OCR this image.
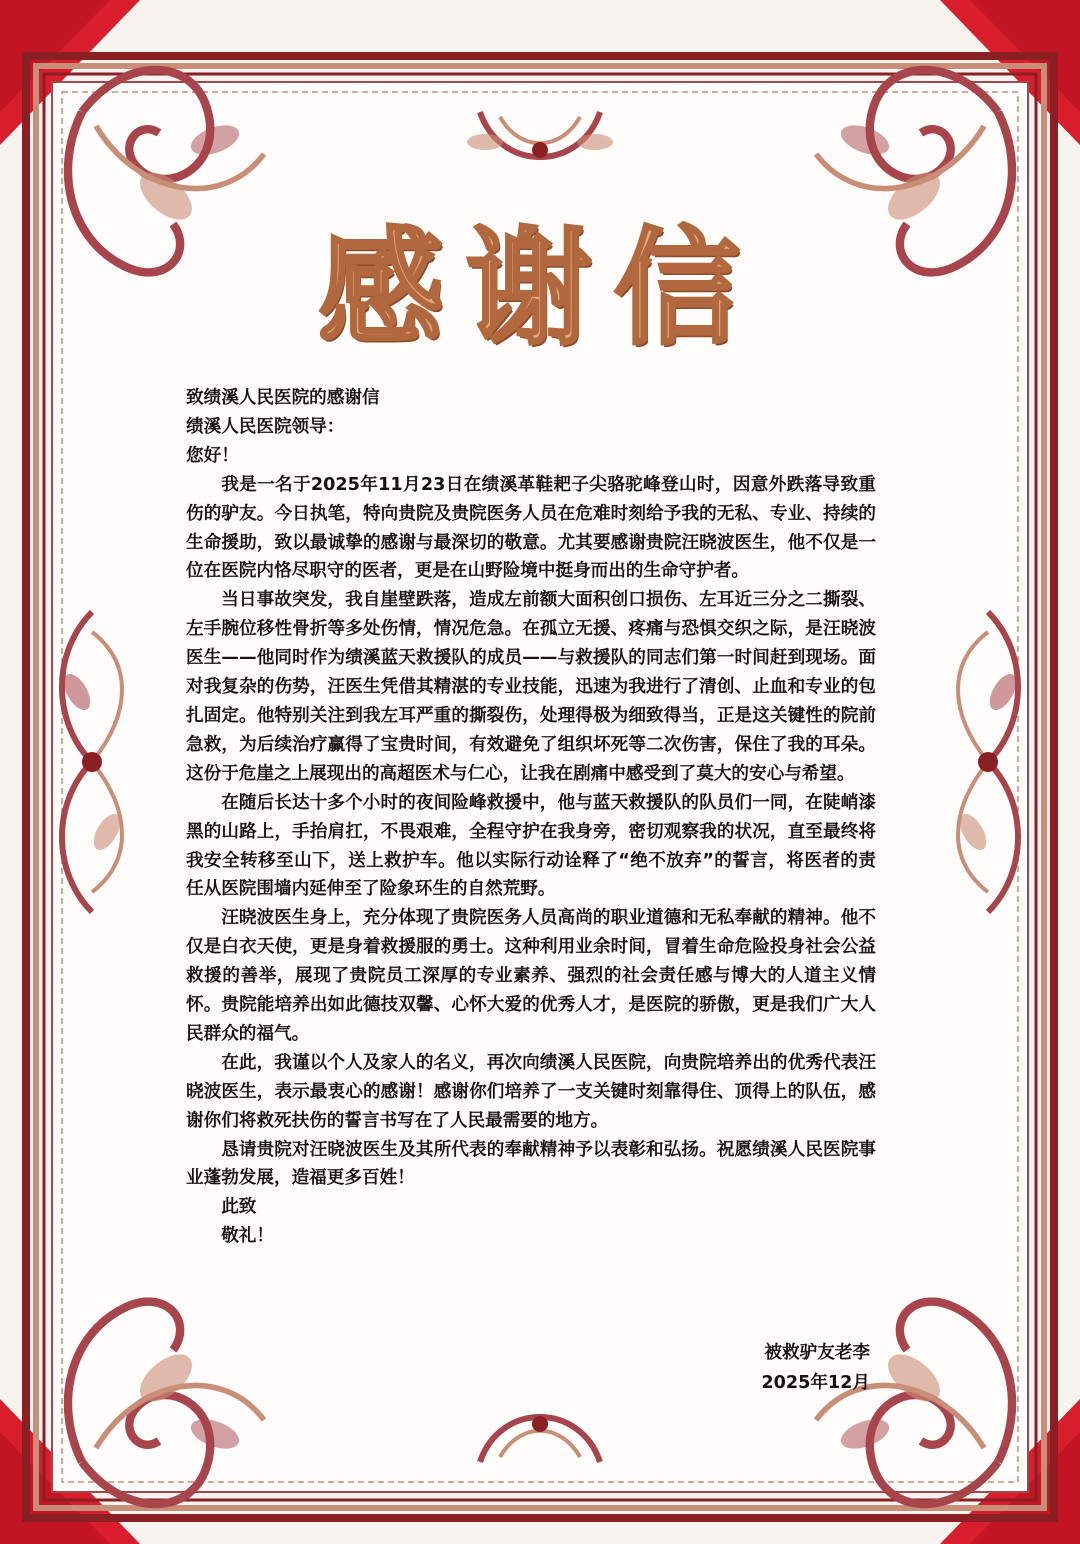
感谢信

致绩溪人民医院的感谢信

绩溪人民医院领导：

您好！

我是一名于2025年11月23日在绩溪革鞋耙子尖骆驼峰登山时，因意外跌落导致重伤的驴友。今日执笔，特向贵院及贵院医务人员在危难时刻给予我的无私、专业、持续的生命援助，致以最诚挚的感谢与最深切的敬意。尤其要感谢贵院汪晓波医生，他不仅是一位在医院内恪尽职守的医者，更是在山野险境中挺身而出的生命守护者。

当日事故突发，我自崖壁跌落，造成左前额大面积创口损伤、左耳近三分之二撕裂、左手腕位移性骨折等多处伤情，情况危急。在孤立无援、疼痛与恐惧交织之际，是汪晓波医生——他同时作为绩溪蓝天救援队的成员——与救援队的同志们第一时间赶到现场。面对我复杂的伤势，汪医生凭借其精湛的专业技能，迅速为我进行了清创、止血和专业的包扎固定。他特别关注到我左耳严重的撕裂伤，处理得极为细致得当，正是这关键性的院前急救，为后续治疗赢得了宝贵时间，有效避免了组织坏死等二次伤害，保住了我的耳朵。这份于危崖之上展现出的高超医术与仁心，让我在剧痛中感受到了莫大的安心与希望。

在随后长达十多个小时的夜间险峰救援中，他与蓝天救援队的队员们一同，在陡峭漆黑的山路上，手抬肩扛，不畏艰难，全程守护在我身旁，密切观察我的状况，直至最终将我安全转移至山下，送上救护车。他以实际行动诠释了“绝不放弃”的誓言，将医者的责任从医院围墙内延伸至了险象环生的自然荒野。

汪晓波医生身上，充分体现了贵院医务人员高尚的职业道德和无私奉献的精神。他不仅是白衣天使，更是身着救援服的勇士。这种利用业余时间，冒着生命危险投身社会公益救援的善举，展现了贵院员工深厚的专业素养、强烈的社会责任感与博大的人道主义情怀。贵院能培养出如此德技双馨、心怀大爱的优秀人才，是医院的骄傲，更是我们广大人民群众的福气。

在此，我谨以个人及家人的名义，再次向绩溪人民医院，向贵院培养出的优秀代表汪晓波医生，表示最衷心的感谢！感谢你们培养了一支关键时刻靠得住、顶得上的队伍，感谢你们将救死扶伤的誓言书写在了人民最需要的地方。

恳请贵院对汪晓波医生及其所代表的奉献精神予以表彰和弘扬。祝愿绩溪人民医院事业蓬勃发展，造福更多百姓！

此致

敬礼！

被救驴友老李
2025年12月
